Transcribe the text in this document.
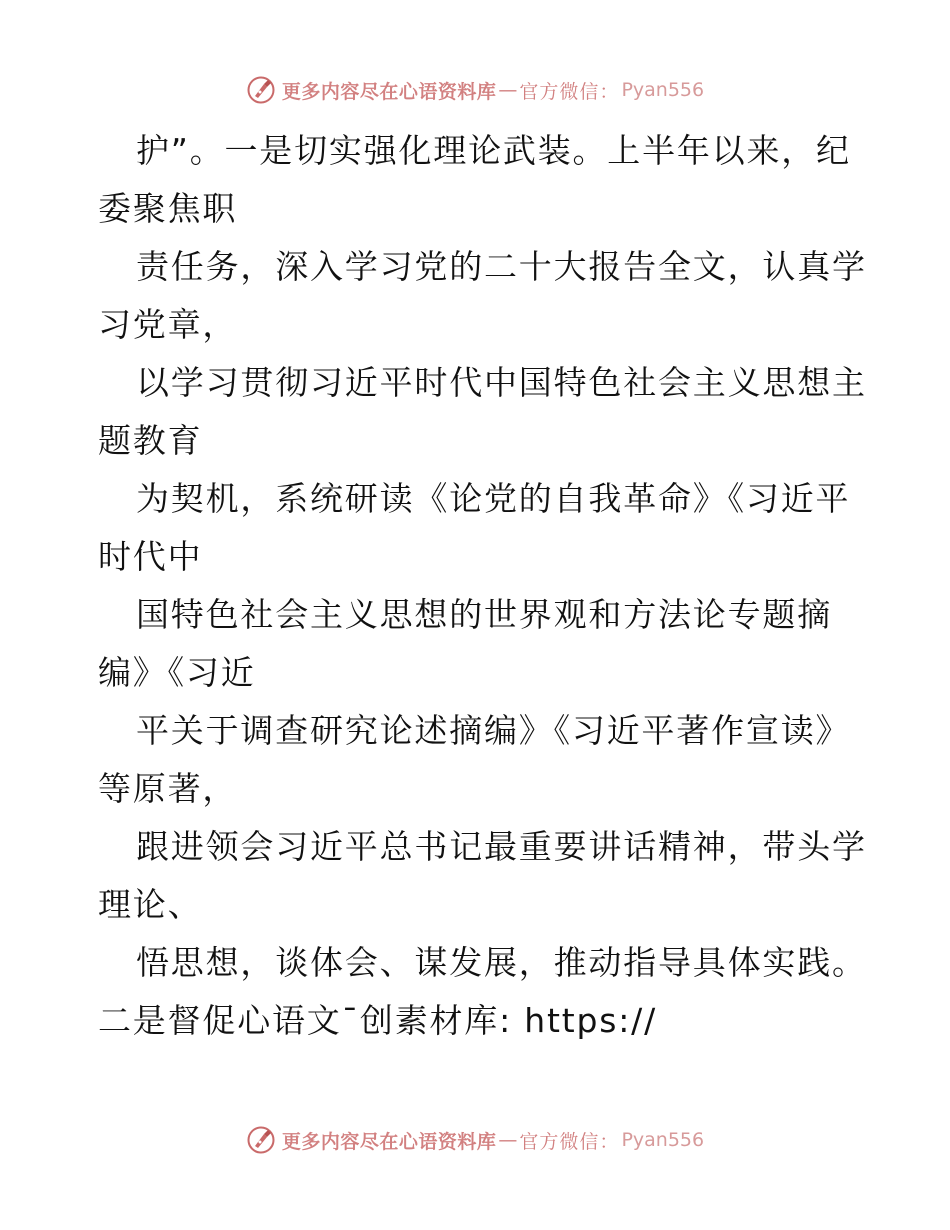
更多内容尽在心语资料库 — 官方微信： Pyan556
护”。一是切实强化理论武装。上半年以来，纪
委聚焦职
责任务，深入学习党的二十大报告全文，认真学
习党章，
以学习贯彻习近平时代中国特色社会主义思想主
题教育
为契机，系统研读《论党的自我革命》《习近平
时代中
国特色社会主义思想的世界观和方法论专题摘
编》《习近
平关于调查研究论述摘编》《习近平著作宣读》
等原著，
跟进领会习近平总书记最重要讲话精神，带头学
理论、
悟思想，谈体会、谋发展，推动指导具体实践。
二是督促心语文¯创素材库: https://
更多内容尽在心语资料库 — 官方微信： Pyan556
